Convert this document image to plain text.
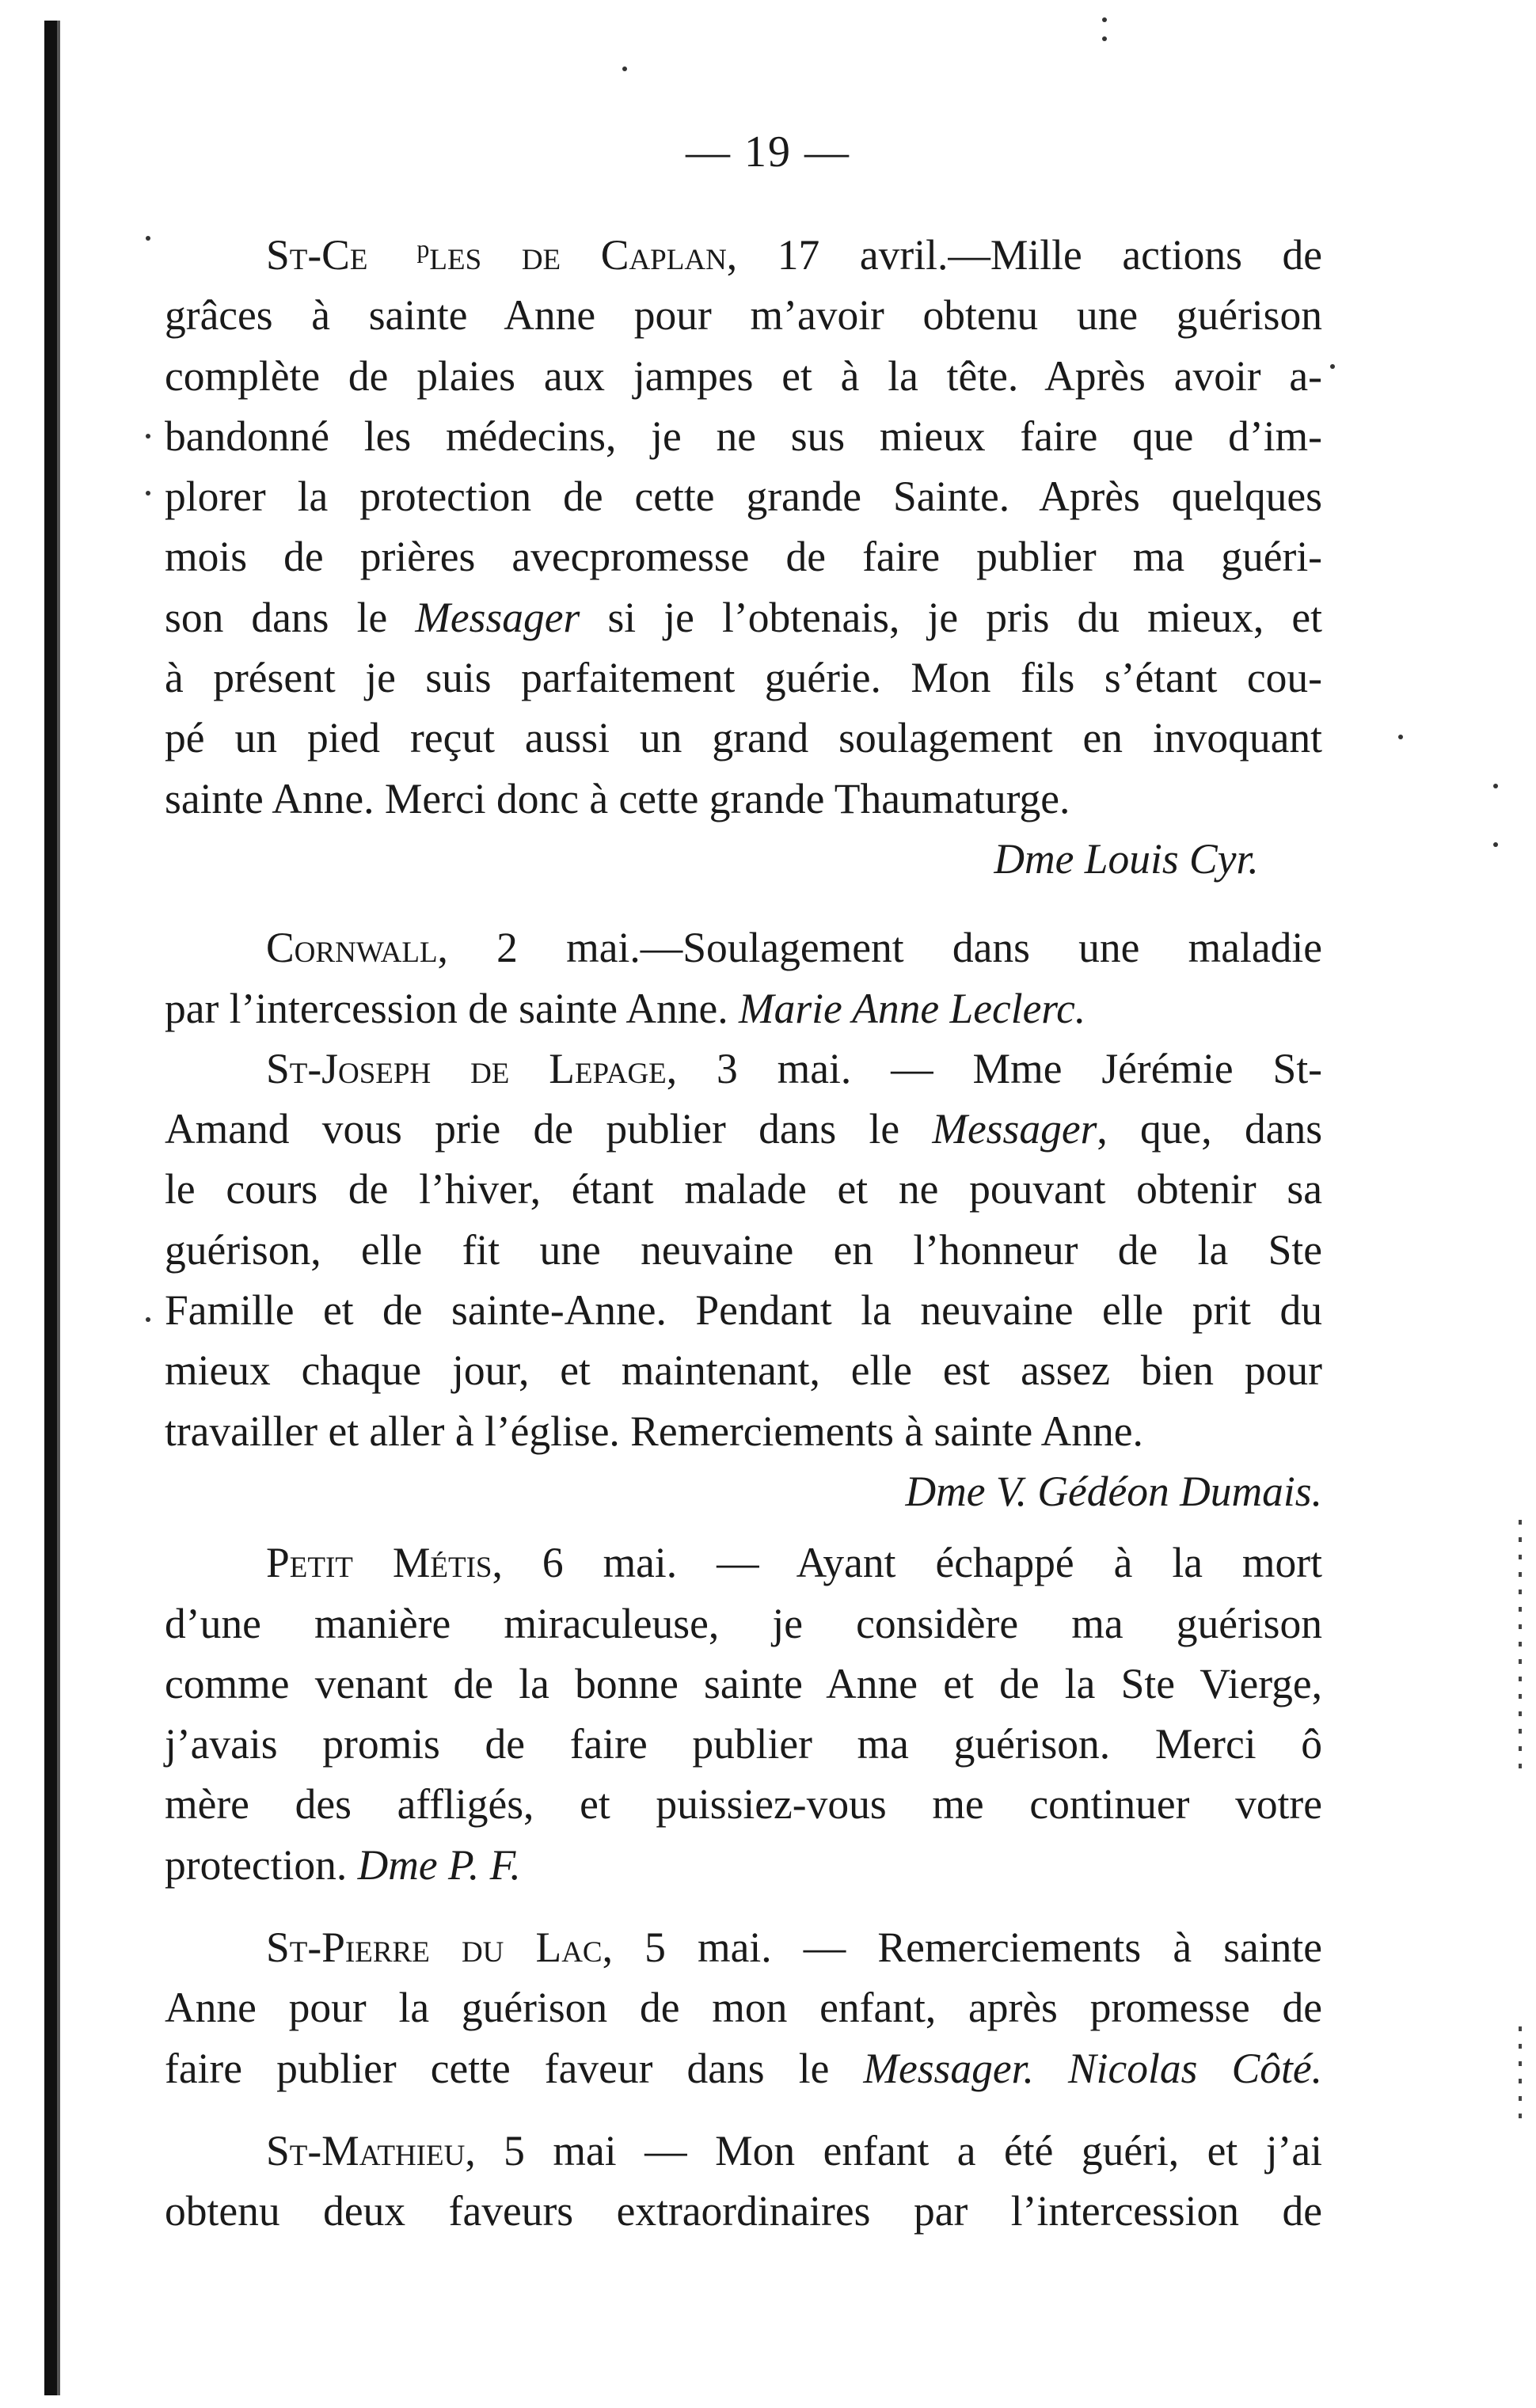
— 19 —
St-Ce  ᵖles de Caplan, 17 avril.—Mille actions de
grâces à sainte Anne pour m’avoir obtenu une guérison
complète de plaies aux jampes et à la tête. Après avoir a-
bandonné les médecins, je ne sus mieux faire que d’im-
plorer la protection de cette grande Sainte. Après quelques
mois de prières avecpromesse de faire publier ma guéri-
son dans le Messager si je l’obtenais, je pris du mieux, et
à présent je suis parfaitement guérie. Mon fils s’étant cou-
pé un pied reçut aussi un grand soulagement en invoquant
sainte Anne. Merci donc à cette grande Thaumaturge.
Dme Louis Cyr.
Cornwall, 2 mai.—Soulagement dans une maladie
par l’intercession de sainte Anne. Marie Anne Leclerc.
St-Joseph de Lepage, 3 mai. — Mme Jérémie St-
Amand vous prie de publier dans le Messager, que, dans
le cours de l’hiver, étant malade et ne pouvant obtenir sa
guérison, elle fit une neuvaine en l’honneur de la Ste
Famille et de sainte-Anne. Pendant la neuvaine elle prit du
mieux chaque jour, et maintenant, elle est assez bien pour
travailler et aller à l’église. Remerciements à sainte Anne.
Dme V. Gédéon Dumais.
Petit Métis, 6 mai. — Ayant échappé à la mort
d’une manière miraculeuse, je considère ma guérison
comme venant de la bonne sainte Anne et de la Ste Vierge,
j’avais promis de faire publier ma guérison. Merci ô
mère des affligés, et puissiez-vous me continuer votre
protection. Dme P. F.
St-Pierre du Lac, 5 mai. — Remerciements à sainte
Anne pour la guérison de mon enfant, après promesse de
faire publier cette faveur dans le Messager. Nicolas Côté.
St-Mathieu, 5 mai — Mon enfant a été guéri, et j’ai
obtenu deux faveurs extraordinaires par l’intercession de
